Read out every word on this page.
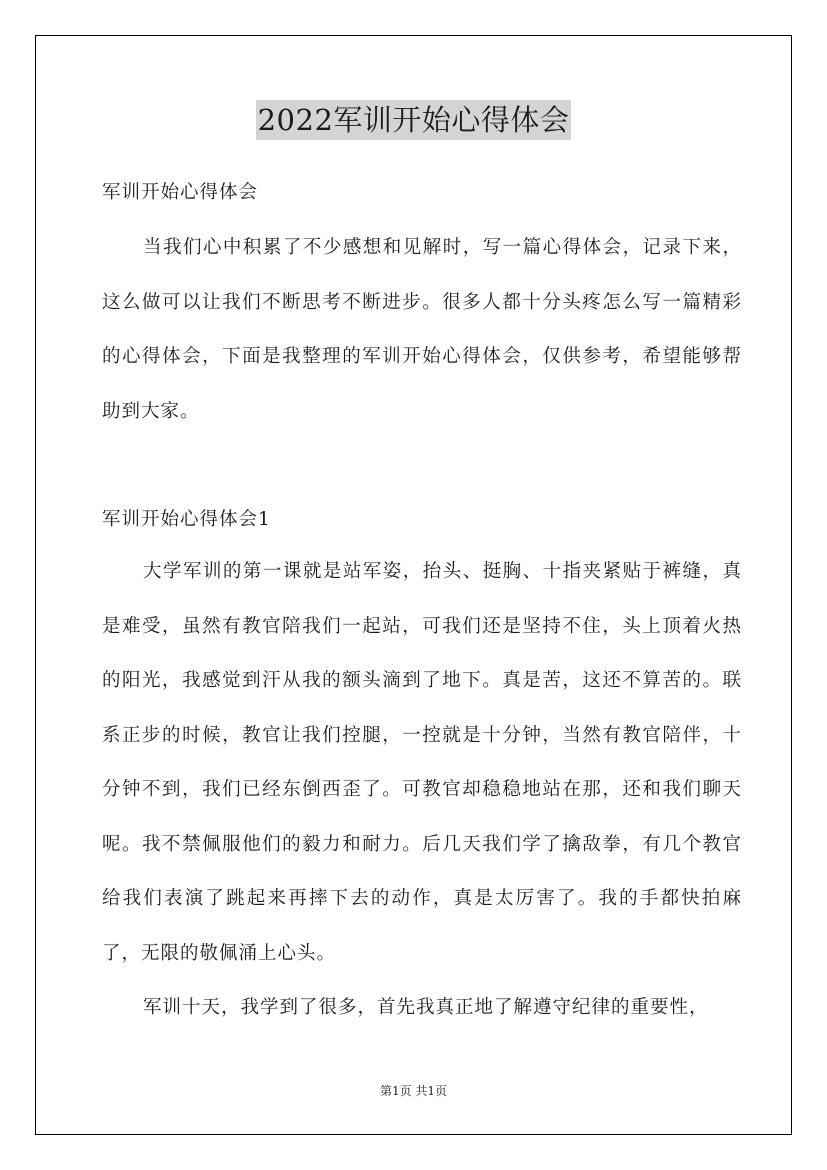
2022军训开始心得体会
军训开始心得体会
当我们心中积累了不少感想和见解时，写一篇心得体会，记录下来，这么做可以让我们不断思考不断进步。很多人都十分头疼怎么写一篇精彩的心得体会，下面是我整理的军训开始心得体会，仅供参考，希望能够帮助到大家。
军训开始心得体会1
大学军训的第一课就是站军姿，抬头、挺胸、十指夹紧贴于裤缝，真是难受，虽然有教官陪我们一起站，可我们还是坚持不住，头上顶着火热的阳光，我感觉到汗从我的额头滴到了地下。真是苦，这还不算苦的。联系正步的时候，教官让我们控腿，一控就是十分钟，当然有教官陪伴，十分钟不到，我们已经东倒西歪了。可教官却稳稳地站在那，还和我们聊天呢。我不禁佩服他们的毅力和耐力。后几天我们学了擒敌拳，有几个教官给我们表演了跳起来再摔下去的动作，真是太厉害了。我的手都快拍麻了，无限的敬佩涌上心头。
军训十天，我学到了很多，首先我真正地了解遵守纪律的重要性，
第1页 共1页
